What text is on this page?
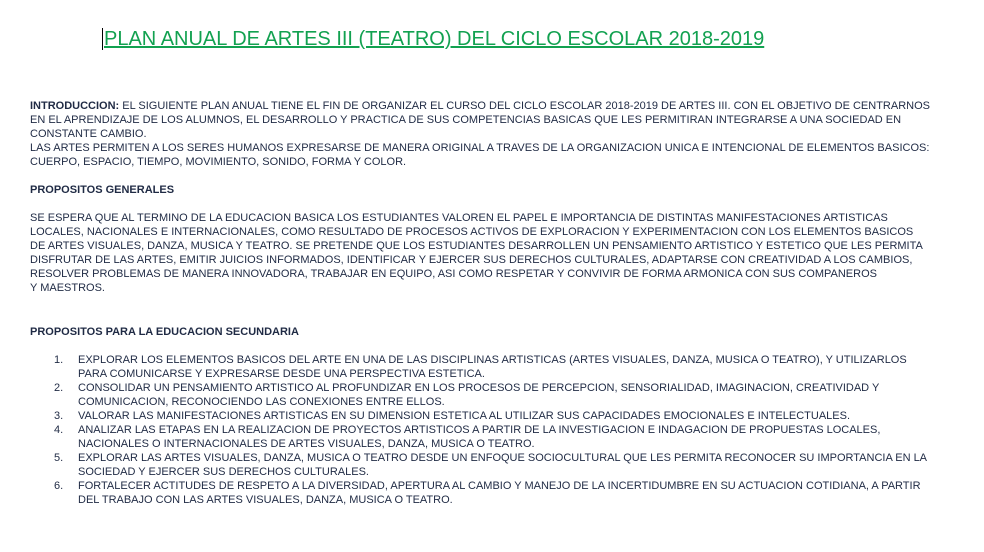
PLAN ANUAL DE ARTES III (TEATRO) DEL CICLO ESCOLAR 2018-2019

INTRODUCCION: EL SIGUIENTE PLAN ANUAL TIENE EL FIN DE ORGANIZAR EL CURSO DEL CICLO ESCOLAR 2018-2019 DE ARTES III. CON EL OBJETIVO DE CENTRARNOS EN EL APRENDIZAJE DE LOS ALUMNOS, EL DESARROLLO Y PRACTICA DE SUS COMPETENCIAS BASICAS QUE LES PERMITIRAN INTEGRARSE A UNA SOCIEDAD EN CONSTANTE CAMBIO.

LAS ARTES PERMITEN A LOS SERES HUMANOS EXPRESARSE DE MANERA ORIGINAL A TRAVES DE LA ORGANIZACION UNICA E INTENCIONAL DE ELEMENTOS BASICOS: CUERPO, ESPACIO, TIEMPO, MOVIMIENTO, SONIDO, FORMA Y COLOR.

PROPOSITOS GENERALES

SE ESPERA QUE AL TERMINO DE LA EDUCACION BASICA LOS ESTUDIANTES VALOREN EL PAPEL E IMPORTANCIA DE DISTINTAS MANIFESTACIONES ARTISTICAS LOCALES, NACIONALES E INTERNACIONALES, COMO RESULTADO DE PROCESOS ACTIVOS DE EXPLORACION Y EXPERIMENTACION CON LOS ELEMENTOS BASICOS DE ARTES VISUALES, DANZA, MUSICA Y TEATRO. SE PRETENDE QUE LOS ESTUDIANTES DESARROLLEN UN PENSAMIENTO ARTISTICO Y ESTETICO QUE LES PERMITA DISFRUTAR DE LAS ARTES, EMITIR JUICIOS INFORMADOS, IDENTIFICAR Y EJERCER SUS DERECHOS CULTURALES, ADAPTARSE CON CREATIVIDAD A LOS CAMBIOS, RESOLVER PROBLEMAS DE MANERA INNOVADORA, TRABAJAR EN EQUIPO, ASI COMO RESPETAR Y CONVIVIR DE FORMA ARMONICA CON SUS COMPANEROS

Y MAESTROS.

PROPOSITOS PARA LA EDUCACION SECUNDARIA
1. EXPLORAR LOS ELEMENTOS BASICOS DEL ARTE EN UNA DE LAS DISCIPLINAS ARTISTICAS (ARTES VISUALES, DANZA, MUSICA O TEATRO), Y UTILIZARLOS PARA COMUNICARSE Y EXPRESARSE DESDE UNA PERSPECTIVA ESTETICA.
2. CONSOLIDAR UN PENSAMIENTO ARTISTICO AL PROFUNDIZAR EN LOS PROCESOS DE PERCEPCION, SENSORIALIDAD, IMAGINACION, CREATIVIDAD Y COMUNICACION, RECONOCIENDO LAS CONEXIONES ENTRE ELLOS.
3. VALORAR LAS MANIFESTACIONES ARTISTICAS EN SU DIMENSION ESTETICA AL UTILIZAR SUS CAPACIDADES EMOCIONALES E INTELECTUALES.
4. ANALIZAR LAS ETAPAS EN LA REALIZACION DE PROYECTOS ARTISTICOS A PARTIR DE LA INVESTIGACION E INDAGACION DE PROPUESTAS LOCALES, NACIONALES O INTERNACIONALES DE ARTES VISUALES, DANZA, MUSICA O TEATRO.
5. EXPLORAR LAS ARTES VISUALES, DANZA, MUSICA O TEATRO DESDE UN ENFOQUE SOCIOCULTURAL QUE LES PERMITA RECONOCER SU IMPORTANCIA EN LA SOCIEDAD Y EJERCER SUS DERECHOS CULTURALES.
6. FORTALECER ACTITUDES DE RESPETO A LA DIVERSIDAD, APERTURA AL CAMBIO Y MANEJO DE LA INCERTIDUMBRE EN SU ACTUACION COTIDIANA, A PARTIR DEL TRABAJO CON LAS ARTES VISUALES, DANZA, MUSICA O TEATRO.
